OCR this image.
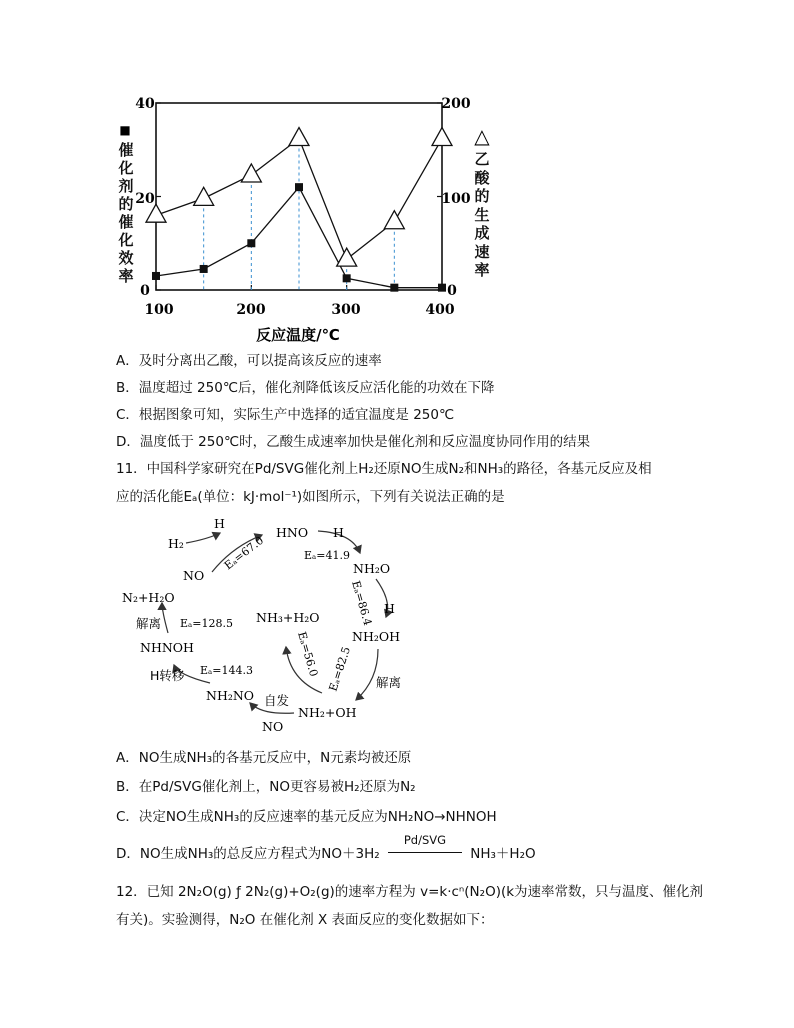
100	200	300	400
40
20
0
200
100
0
■	△
反应温度/℃
催化剂的催化效率
乙酸的生成速率
A．及时分离出乙酸，可以提高该反应的速率
B．温度超过 250℃后，催化剂降低该反应活化能的功效在下降
C．根据图象可知，实际生产中选择的适宜温度是 250℃
D．温度低于 250℃时，乙酸生成速率加快是催化剂和反应温度协同作用的结果
11．中国科学家研究在Pd/SVG催化剂上H₂还原NO生成N₂和NH₃的路径，各基元反应及相
应的活化能Eₐ(单位：kJ·mol⁻¹)如图所示，下列有关说法正确的是
H₂
H
NO
Eₐ=67.0
HNO H
Eₐ=41.9
NH₂O
Eₐ=86.4 H
NH₂OH
Eₐ=82.5 解离
NH₃+H₂O
Eₐ=56.0
NH₂+OH
自发
NO
NH₂NO
H转移 Eₐ=144.3
NHNOH
解离 Eₐ=128.5
N₂+H₂O
A．NO生成NH₃的各基元反应中，N元素均被还原
B．在Pd/SVG催化剂上，NO更容易被H₂还原为N₂
C．决定NO生成NH₃的反应速率的基元反应为NH₂NO→NHNOH
D．NO生成NH₃的总反应方程式为NO＋3H₂
Pd/SVG
NH₃＋H₂O
12．已知 2N₂O(g) ƒ 2N₂(g)+O₂(g)的速率方程为 v=k·cⁿ(N₂O)(k为速率常数，只与温度、催化剂
有关)。实验测得，N₂O 在催化剂 X 表面反应的变化数据如下：
